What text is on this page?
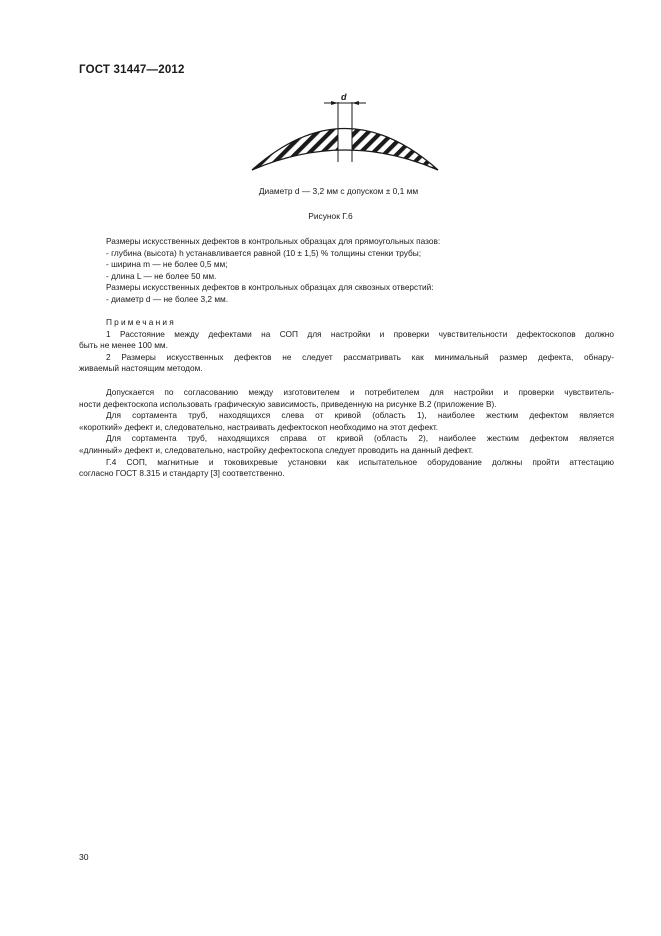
ГОСТ 31447—2012
d
Диаметр d — 3,2 мм с допуском ± 0,1 мм
Рисунок Г.6

Размеры искусственных дефектов в контрольных образцах для прямоугольных пазов:

- глубина (высота) h устанавливается равной (10 ± 1,5) % толщины стенки трубы;

- ширина m — не более 0,5 мм;

- длина L — не более 50 мм.

Размеры искусственных дефектов в контрольных образцах для сквозных отверстий:

- диаметр d — не более 3,2 мм.

Примечания

1 Расстояние между дефектами на СОП для настройки и проверки чувствительности дефектоскопов должно

быть не менее 100 мм.

2 Размеры искусственных дефектов не следует рассматривать как минимальный размер дефекта, обнару-

живаемый настоящим методом.

Допускается по согласованию между изготовителем и потребителем для настройки и проверки чувствитель-

ности дефектоскопа использовать графическую зависимость, приведенную на рисунке В.2 (приложение В).

Для сортамента труб, находящихся слева от кривой (область 1), наиболее жестким дефектом является

«короткий» дефект и, следовательно, настраивать дефектоскоп необходимо на этот дефект.

Для сортамента труб, находящихся справа от кривой (область 2), наиболее жестким дефектом является

«длинный» дефект и, следовательно, настройку дефектоскопа следует проводить на данный дефект.

Г.4 СОП, магнитные и токовихревые установки как испытательное оборудование должны пройти аттестацию

согласно ГОСТ 8.315 и стандарту [3] соответственно.

30
